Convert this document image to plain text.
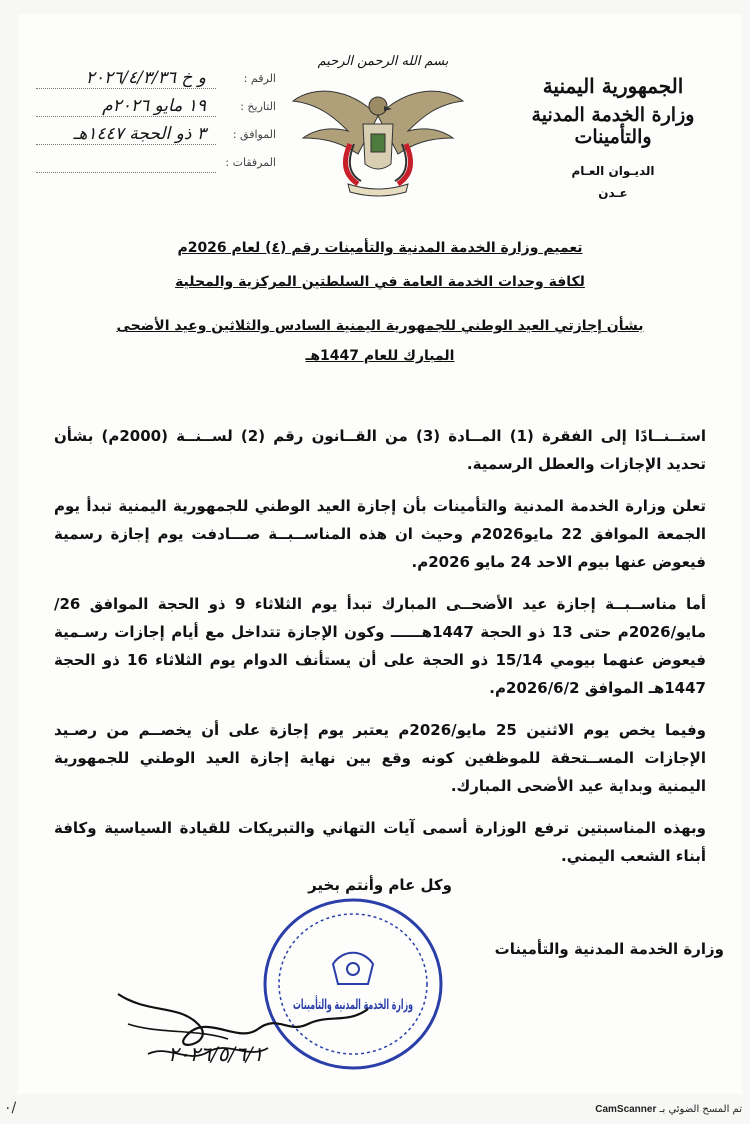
الرقم :
و خ ٢٠٢٦/٤/٣/٣٦
التاريخ :
١٩ مايو ٢٠٢٦م
الموافق :
٣ ذو الحجة ١٤٤٧هـ
المرفقات :
بسم الله الرحمن الرحيم
الجمهورية اليمنية
وزارة الخدمة المدنية والتأمينات
الديـوان العـام
عـدن
تعميم وزارة الخدمة المدنية والتأمينات رقم (٤) لعام 2026م
لكافة وحدات الخدمة العامة في السلطتين المركزية والمحلية
بشأن إجازتي العيد الوطني للجمهورية اليمنية السادس والثلاثين وعيد الأضحى
المبارك للعام 1447هـ

استــنــادًا إلى الفقرة (1) المــادة (3) من القــانون رقم (2) لســنــة (2000م) بشأن تحديد الإجازات والعطل الرسمية.

تعلن وزارة الخدمة المدنية والتأمينات بأن إجازة العيد الوطني للجمهورية اليمنية تبدأ يوم الجمعة الموافق 22 مايو2026م وحيث ان هذه المناســبــة صـــادفت يوم إجازة رسمية فيعوض عنها بيوم الاحد 24 مايو 2026م.

أما مناســبــة إجازة عيد الأضحــى المبارك تبدأ يوم الثلاثاء 9 ذو الحجة الموافق 26/مايو/2026م حتى 13 ذو الحجة 1447هــــــ وكون الإجازة تتداخل مع أيام إجازات رسـمية فيعوض عنهما بيومي 15/14 ذو الحجة على أن يستأنف الدوام يوم الثلاثاء 16 ذو الحجة 1447هـ الموافق 2026/6/2م.

وفيما يخص يوم الاثنين 25 مايو/2026م يعتبر يوم إجازة على أن يخصــم من رصـيد الإجازات المســتحقة للموظفين كونه وقع بين نهاية إجازة العيد الوطني للجمهورية اليمنية وبداية عيد الأضحى المبارك.

وبهذه المناسبتين ترفع الوزارة أسمى آيات التهاني والتبريكات للقيادة السياسية وكافة أبناء الشعب اليمني.

وكل عام وأنتم بخير
وزارة الخدمة المدنية والتأمينات
وزارة الخدمة المدنية والتأمينات
٢٠٢٦/٥/٦/١
٠/	تم المسح الضوئي بـ CamScanner
